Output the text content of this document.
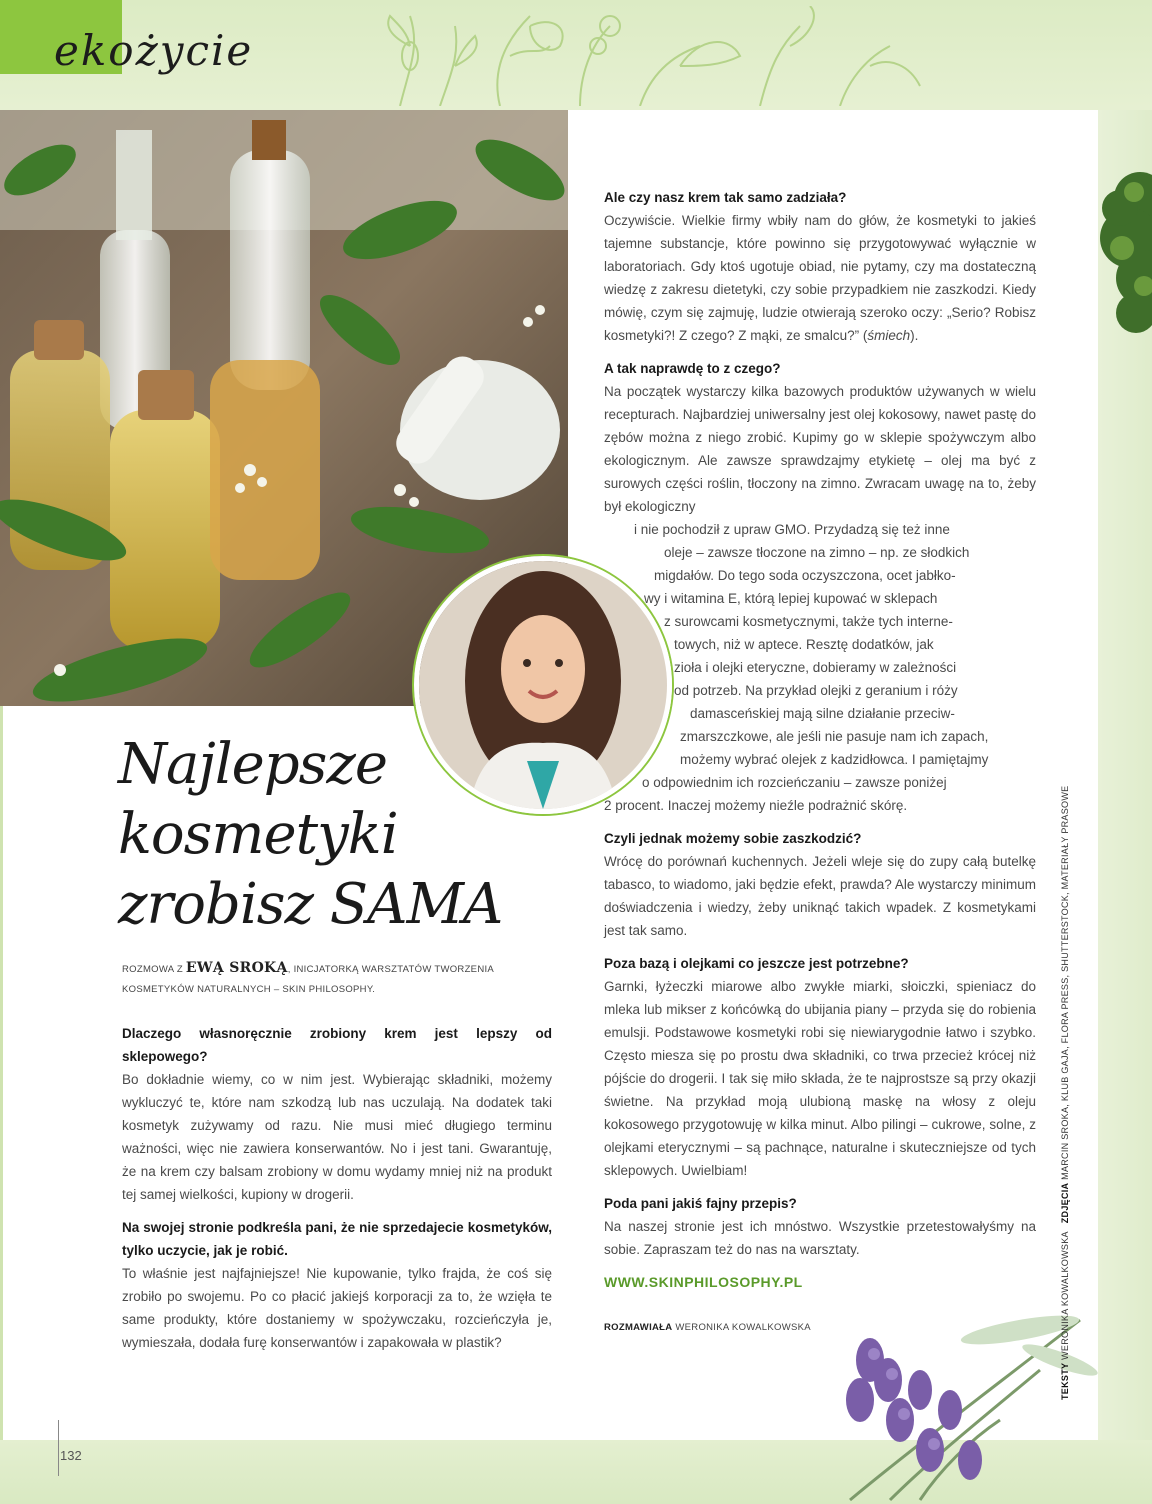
ekożycie
Najlepsze
kosmetyki
zrobisz SAMA

ROZMOWA Z EWĄ SROKĄ, INICJATORKĄ WARSZTATÓW TWORZENIA KOSMETYKÓW NATURALNYCH – SKIN PHILOSOPHY.

Dlaczego własnoręcznie zrobiony krem jest lepszy od sklepowego?

Bo dokładnie wiemy, co w nim jest. Wybierając składniki, możemy wykluczyć te, które nam szkodzą lub nas uczulają. Na dodatek taki kosmetyk zużywamy od razu. Nie musi mieć długiego terminu ważności, więc nie zawiera konserwantów. No i jest tani. Gwarantuję, że na krem czy balsam zrobiony w domu wydamy mniej niż na produkt tej samej wielkości, kupiony w drogerii.

Na swojej stronie podkreśla pani, że nie sprzedajecie kosmetyków, tylko uczycie, jak je robić.

To właśnie jest najfajniejsze! Nie kupowanie, tylko frajda, że coś się zrobiło po swojemu. Po co płacić jakiejś korporacji za to, że wzięła te same produkty, które dostaniemy w spożywczaku, rozcieńczyła je, wymieszała, dodała furę konserwantów i zapakowała w plastik?

Ale czy nasz krem tak samo zadziała?

Oczywiście. Wielkie firmy wbiły nam do głów, że kosmetyki to jakieś tajemne substancje, które powinno się przygotowywać wyłącznie w laboratoriach. Gdy ktoś ugotuje obiad, nie pytamy, czy ma dostateczną wiedzę z zakresu dietetyki, czy sobie przypadkiem nie zaszkodzi. Kiedy mówię, czym się zajmuję, ludzie otwierają szeroko oczy: „Serio? Robisz kosmetyki?! Z czego? Z mąki, ze smalcu?” (śmiech).

A tak naprawdę to z czego?

Na początek wystarczy kilka bazowych produktów używanych w wielu recepturach. Najbardziej uniwersalny jest olej kokosowy, nawet pastę do zębów można z niego zrobić. Kupimy go w sklepie spożywczym albo ekologicznym. Ale zawsze sprawdzajmy etykietę – olej ma być z surowych części roślin, tłoczony na zimno. Zwracam uwagę na to, żeby był ekologiczny
i nie pochodził z upraw GMO. Przydadzą się też inne
oleje – zawsze tłoczone na zimno – np. ze słodkich
migdałów. Do tego soda oczyszczona, ocet jabłko-
wy i witamina E, którą lepiej kupować w sklepach
z surowcami kosmetycznymi, także tych interne-
towych, niż w aptece. Resztę dodatków, jak
zioła i olejki eteryczne, dobieramy w zależności
od potrzeb. Na przykład olejki z geranium i róży
damasceńskiej mają silne działanie przeciw-
zmarszczkowe, ale jeśli nie pasuje nam ich zapach,
możemy wybrać olejek z kadzidłowca. I pamiętajmy
o odpowiednim ich rozcieńczaniu – zawsze poniżej
2 procent. Inaczej możemy nieźle podrażnić skórę.

Czyli jednak możemy sobie zaszkodzić?

Wrócę do porównań kuchennych. Jeżeli wleje się do zupy całą butelkę tabasco, to wiadomo, jaki będzie efekt, prawda? Ale wystarczy minimum doświadczenia i wiedzy, żeby uniknąć takich wpadek. Z kosmetykami jest tak samo.

Poza bazą i olejkami co jeszcze jest potrzebne?

Garnki, łyżeczki miarowe albo zwykłe miarki, słoiczki, spieniacz do mleka lub mikser z końcówką do ubijania piany – przyda się do robienia emulsji. Podstawowe kosmetyki robi się niewiarygodnie łatwo i szybko. Często miesza się po prostu dwa składniki, co trwa przecież krócej niż pójście do drogerii. I tak się miło składa, że te najprostsze są przy okazji świetne. Na przykład moją ulubioną maskę na włosy z oleju kokosowego przygotowuję w kilka minut. Albo pilingi – cukrowe, solne, z olejkami eterycznymi – są pachnące, naturalne i skuteczniejsze od tych sklepowych. Uwielbiam!

Poda pani jakiś fajny przepis?

Na naszej stronie jest ich mnóstwo. Wszystkie przetestowałyśmy na sobie. Zapraszam też do nas na warsztaty.

WWW.SKINPHILOSOPHY.PL
ROZMAWIAŁA WERONIKA KOWALKOWSKA
TEKSTY WERONIKA KOWALKOWSKA   ZDJĘCIA MARCIN SROKA, KLUB GAJA, FLORA PRESS, SHUTTERSTOCK, MATERIAŁY PRASOWE
132
